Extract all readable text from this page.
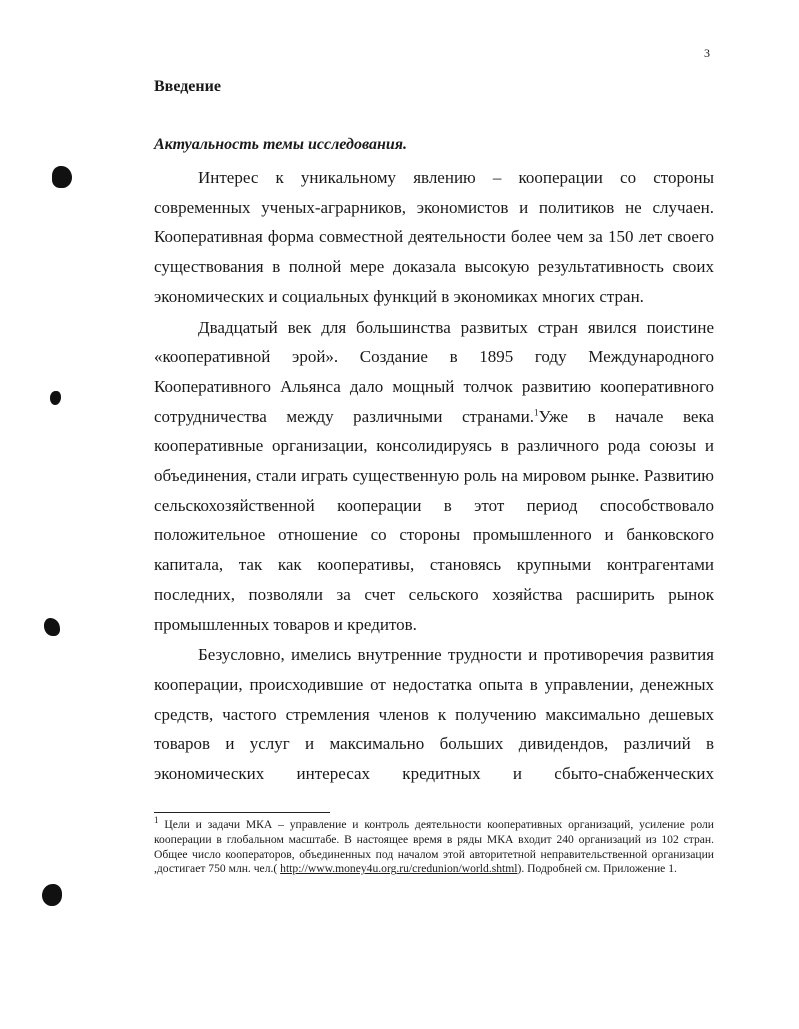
3
Введение
Актуальность темы исследования.

Интерес к уникальному явлению – кооперации со стороны современных ученых-аграрников, экономистов и политиков не случаен. Кооперативная форма совместной деятельности более чем за 150 лет своего существования в полной мере доказала высокую результативность своих экономических и социальных функций в экономиках многих стран.

Двадцатый век для большинства развитых стран явился поистине «кооперативной эрой». Создание в 1895 году Международного Кооперативного Альянса дало мощный толчок развитию кооперативного сотрудничества между различными странами.$^1$Уже в начале века кооперативные организации, консолидируясь в различного рода союзы и объединения, стали играть существенную роль на мировом рынке. Развитию сельскохозяйственной кооперации в этот период способствовало положительное отношение со стороны промышленного и банковского капитала, так как кооперативы, становясь крупными контрагентами последних, позволяли за счет сельского хозяйства расширить рынок промышленных товаров и кредитов.

Безусловно, имелись внутренние трудности и противоречия развития кооперации, происходившие от недостатка опыта в управлении, денежных средств, частого стремления членов к получению максимально дешевых товаров и услуг и максимально больших дивидендов, различий в экономических интересах кредитных и сбыто-снабженческих

$^1$ Цели и задачи МКА – управление и контроль деятельности кооперативных организаций, усиление роли кооперации в глобальном масштабе. В настоящее время в ряды МКА входит 240 организаций из 102 стран. Общее число кооператоров, объединенных под началом этой авторитетной неправительственной организации ,достигает 750 млн. чел.( http://www.money4u.org.ru/credunion/world.shtml). Подробней см. Приложение 1.
